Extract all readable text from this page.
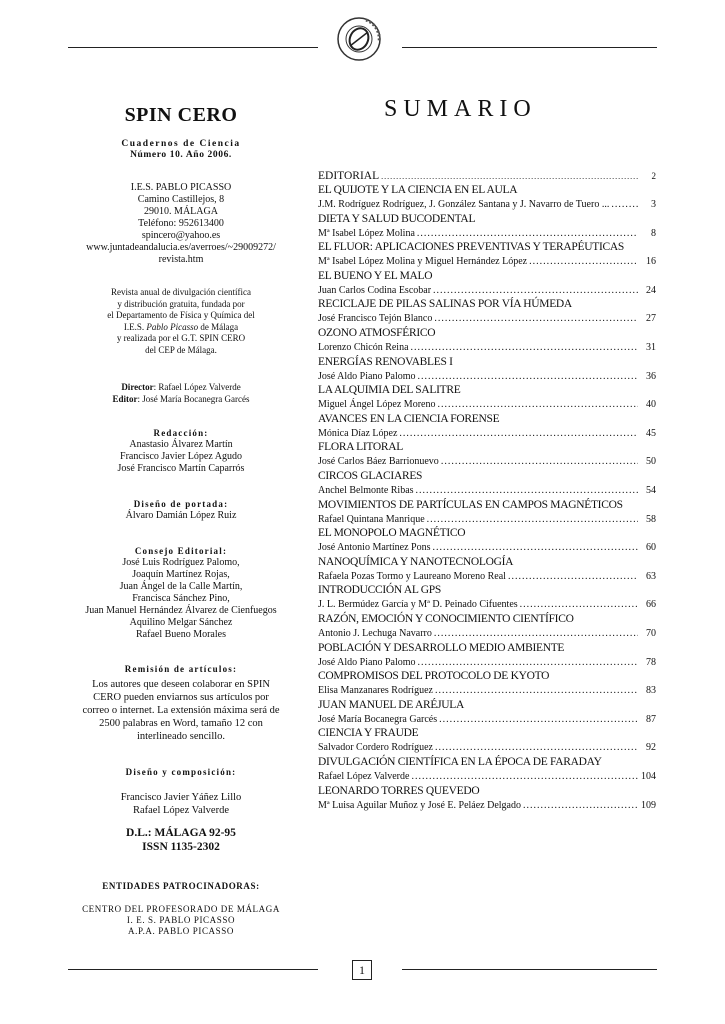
SPIN CERO

Cuadernos de Ciencia

Número 10. Año 2006.

I.E.S. PABLO PICASSO

Camino Castillejos, 8

29010. MÁLAGA

Teléfono: 952613400

spincero@yahoo.es

www.juntadeandalucia.es/averroes/~29009272/

revista.htm

Revista anual de divulgación científica

y distribución gratuita, fundada por

el Departamento de Física y Química del

I.E.S. Pablo Picasso de Málaga

y realizada por el G.T. SPIN CERO

del CEP de Málaga.

Director: Rafael López Valverde

Editor: José María Bocanegra Garcés

Redacción:

Anastasio Álvarez Martín

Francisco Javier López Agudo

José Francisco Martín Caparrós

Diseño de portada:

Álvaro Damián López Ruiz

Consejo Editorial:

José Luis Rodríguez Palomo,

Joaquín Martínez Rojas,

Juan Ángel de la Calle Martín,

Francisca Sánchez Pino,

Juan Manuel Hernández Álvarez de Cienfuegos

Aquilino Melgar Sánchez

Rafael Bueno Morales

Remisión de artículos:

Los autores que deseen colaborar en SPIN

CERO pueden enviarnos sus artículos por

correo o internet. La extensión máxima será de

2500 palabras en Word, tamaño 12 con

interlineado sencillo.

Diseño y composición:

Francisco Javier Yáñez Lillo

Rafael López Valverde

D.L.: MÁLAGA 92-95

ISSN 1135-2302

ENTIDADES PATROCINADORAS:

CENTRO DEL PROFESORADO DE MÁLAGA

I. E. S. PABLO PICASSO

A.P.A. PABLO PICASSO

SUMARIO
EDITORIAL .....	2
EL QUIJOTE Y LA CIENCIA EN EL AULA
J.M. Rodríguez Rodríguez, J. González Santana y J. Navarro de Tuero ... .....	3
DIETA Y SALUD BUCODENTAL
Mª Isabel López Molina .....	8
EL FLUOR: APLICACIONES PREVENTIVAS Y TERAPÉUTICAS
Mª Isabel López Molina y Miguel Hernández López .....	16
EL BUENO Y EL MALO
Juan Carlos Codina Escobar .....	24
RECICLAJE DE PILAS SALINAS POR VÍA HÚMEDA
José Francisco Tejón Blanco .....	27
OZONO ATMOSFÉRICO
Lorenzo Chicón Reina .....	31
ENERGÍAS RENOVABLES I
José Aldo Piano Palomo .....	36
LA ALQUIMIA DEL SALITRE
Miguel Ángel López Moreno .....	40
AVANCES EN LA CIENCIA FORENSE
Mónica Díaz López .....	45
FLORA LITORAL
José Carlos Báez Barrionuevo .....	50
CIRCOS GLACIARES
Anchel Belmonte Ribas .....	54
MOVIMIENTOS DE PARTÍCULAS EN CAMPOS MAGNÉTICOS
Rafael Quintana Manrique .....	58
EL MONOPOLO MAGNÉTICO
José Antonio Martínez Pons .....	60
NANOQUÍMICA Y NANOTECNOLOGÍA
Rafaela Pozas Tormo y Laureano Moreno Real .....	63
INTRODUCCIÓN AL GPS
J. L. Bermúdez García y Mª D. Peinado Cifuentes .....	66
RAZÓN, EMOCIÓN Y CONOCIMIENTO CIENTÍFICO
Antonio J. Lechuga Navarro .....	70
POBLACIÓN Y DESARROLLO MEDIO AMBIENTE
José Aldo Piano Palomo .....	78
COMPROMISOS DEL PROTOCOLO DE KYOTO
Elisa Manzanares Rodríguez .....	83
JUAN MANUEL DE ARÉJULA
José María Bocanegra Garcés .....	87
CIENCIA Y FRAUDE
Salvador Cordero Rodríguez .....	92
DIVULGACIÓN CIENTÍFICA EN LA ÉPOCA DE FARADAY
Rafael López Valverde .....	104
LEONARDO TORRES QUEVEDO
Mª Luisa Aguilar Muñoz y José E. Peláez Delgado .....	109
1
